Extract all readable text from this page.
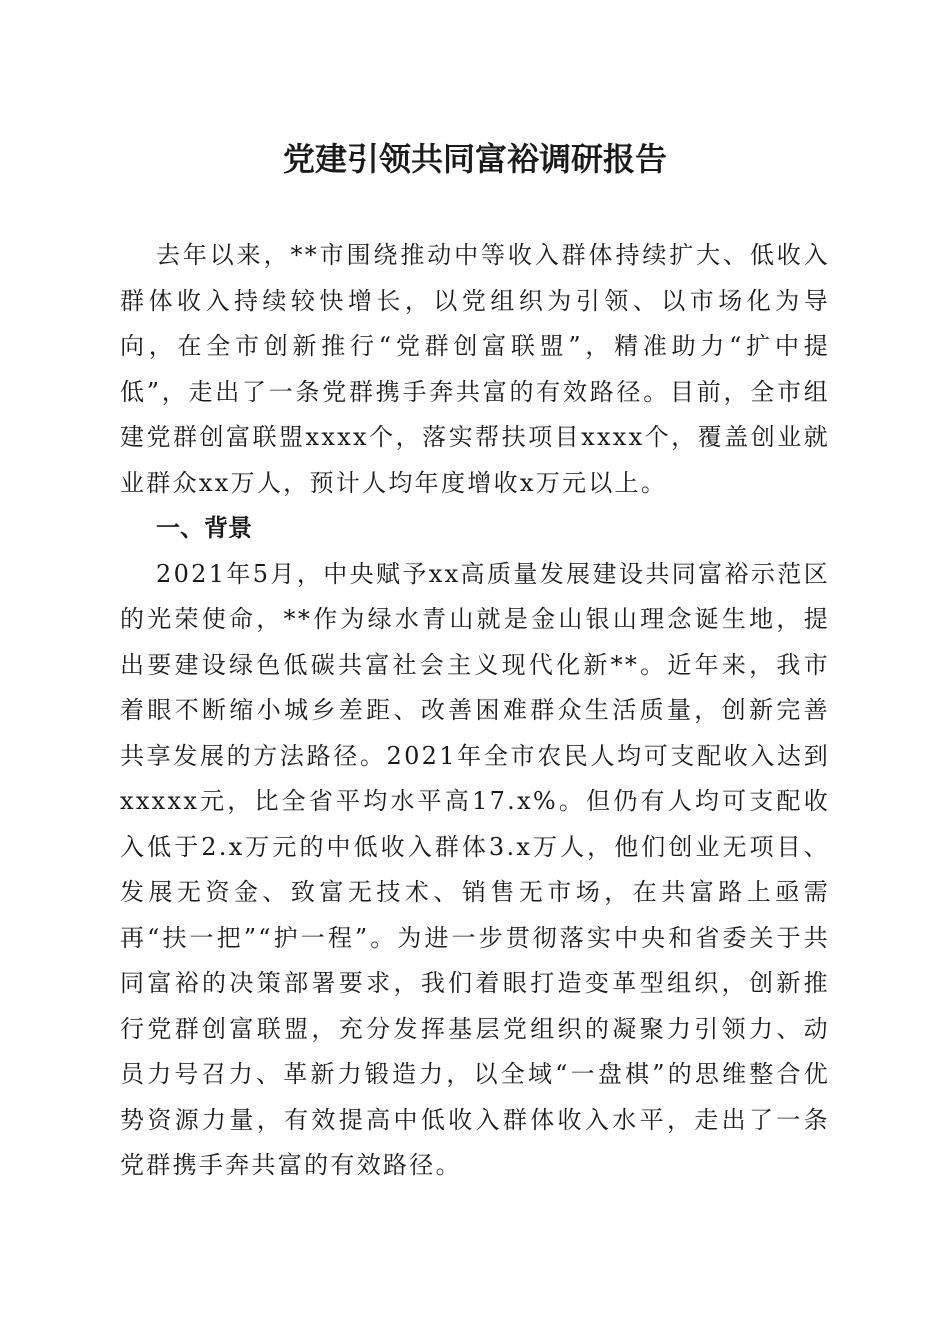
党建引领共同富裕调研报告

去年以来，**市围绕推动中等收入群体持续扩大、低收入群体收入持续较快增长，以党组织为引领、以市场化为导向，在全市创新推行“党群创富联盟”，精准助力“扩中提低”，走出了一条党群携手奔共富的有效路径。目前，全市组建党群创富联盟xxxx个，落实帮扶项目xxxx个，覆盖创业就业群众xx万人，预计人均年度增收x万元以上。

一、背景

2021年5月，中央赋予xx高质量发展建设共同富裕示范区的光荣使命，**作为绿水青山就是金山银山理念诞生地，提出要建设绿色低碳共富社会主义现代化新**。近年来，我市着眼不断缩小城乡差距、改善困难群众生活质量，创新完善共享发展的方法路径。2021年全市农民人均可支配收入达到xxxxx元，比全省平均水平高17.x%。但仍有人均可支配收入低于2.x万元的中低收入群体3.x万人，他们创业无项目、发展无资金、致富无技术、销售无市场，在共富路上亟需再“扶一把”“护一程”。为进一步贯彻落实中央和省委关于共同富裕的决策部署要求，我们着眼打造变革型组织，创新推行党群创富联盟，充分发挥基层党组织的凝聚力引领力、动员力号召力、革新力锻造力，以全域“一盘棋”的思维整合优势资源力量，有效提高中低收入群体收入水平，走出了一条党群携手奔共富的有效路径。
